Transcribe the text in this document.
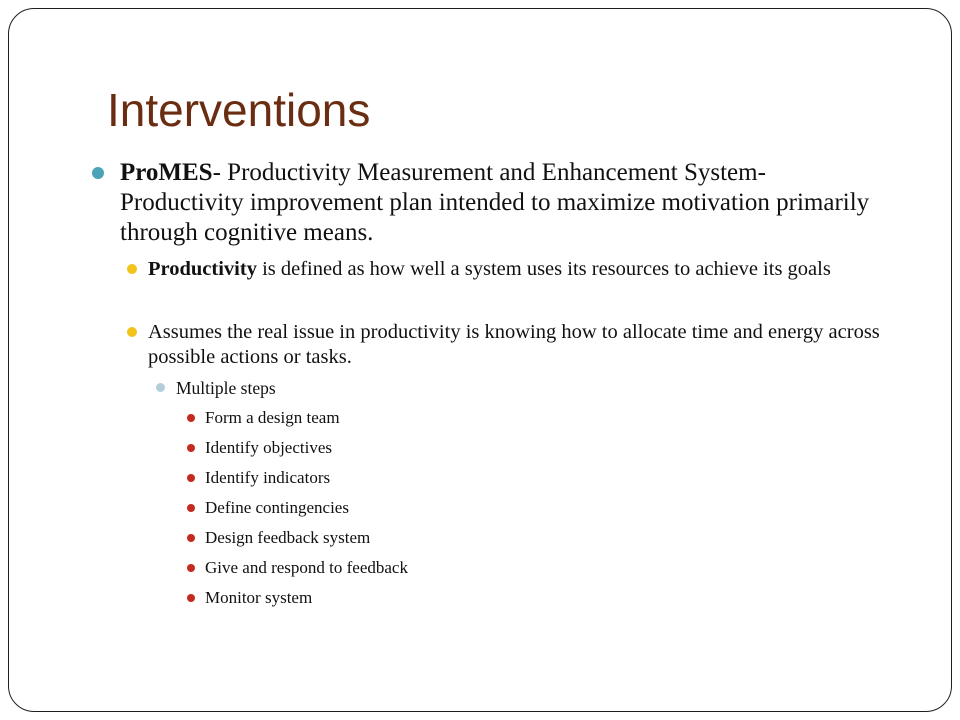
Interventions

ProMES- Productivity Measurement and Enhancement System- Productivity improvement plan intended to maximize motivation primarily through cognitive means.

Productivity is defined as how well a system uses its resources to achieve its goals

Assumes the real issue in productivity is knowing how to allocate time and energy across possible actions or tasks.

Multiple steps

Form a design team

Identify objectives

Identify indicators

Define contingencies

Design feedback system

Give and respond to feedback

Monitor system
